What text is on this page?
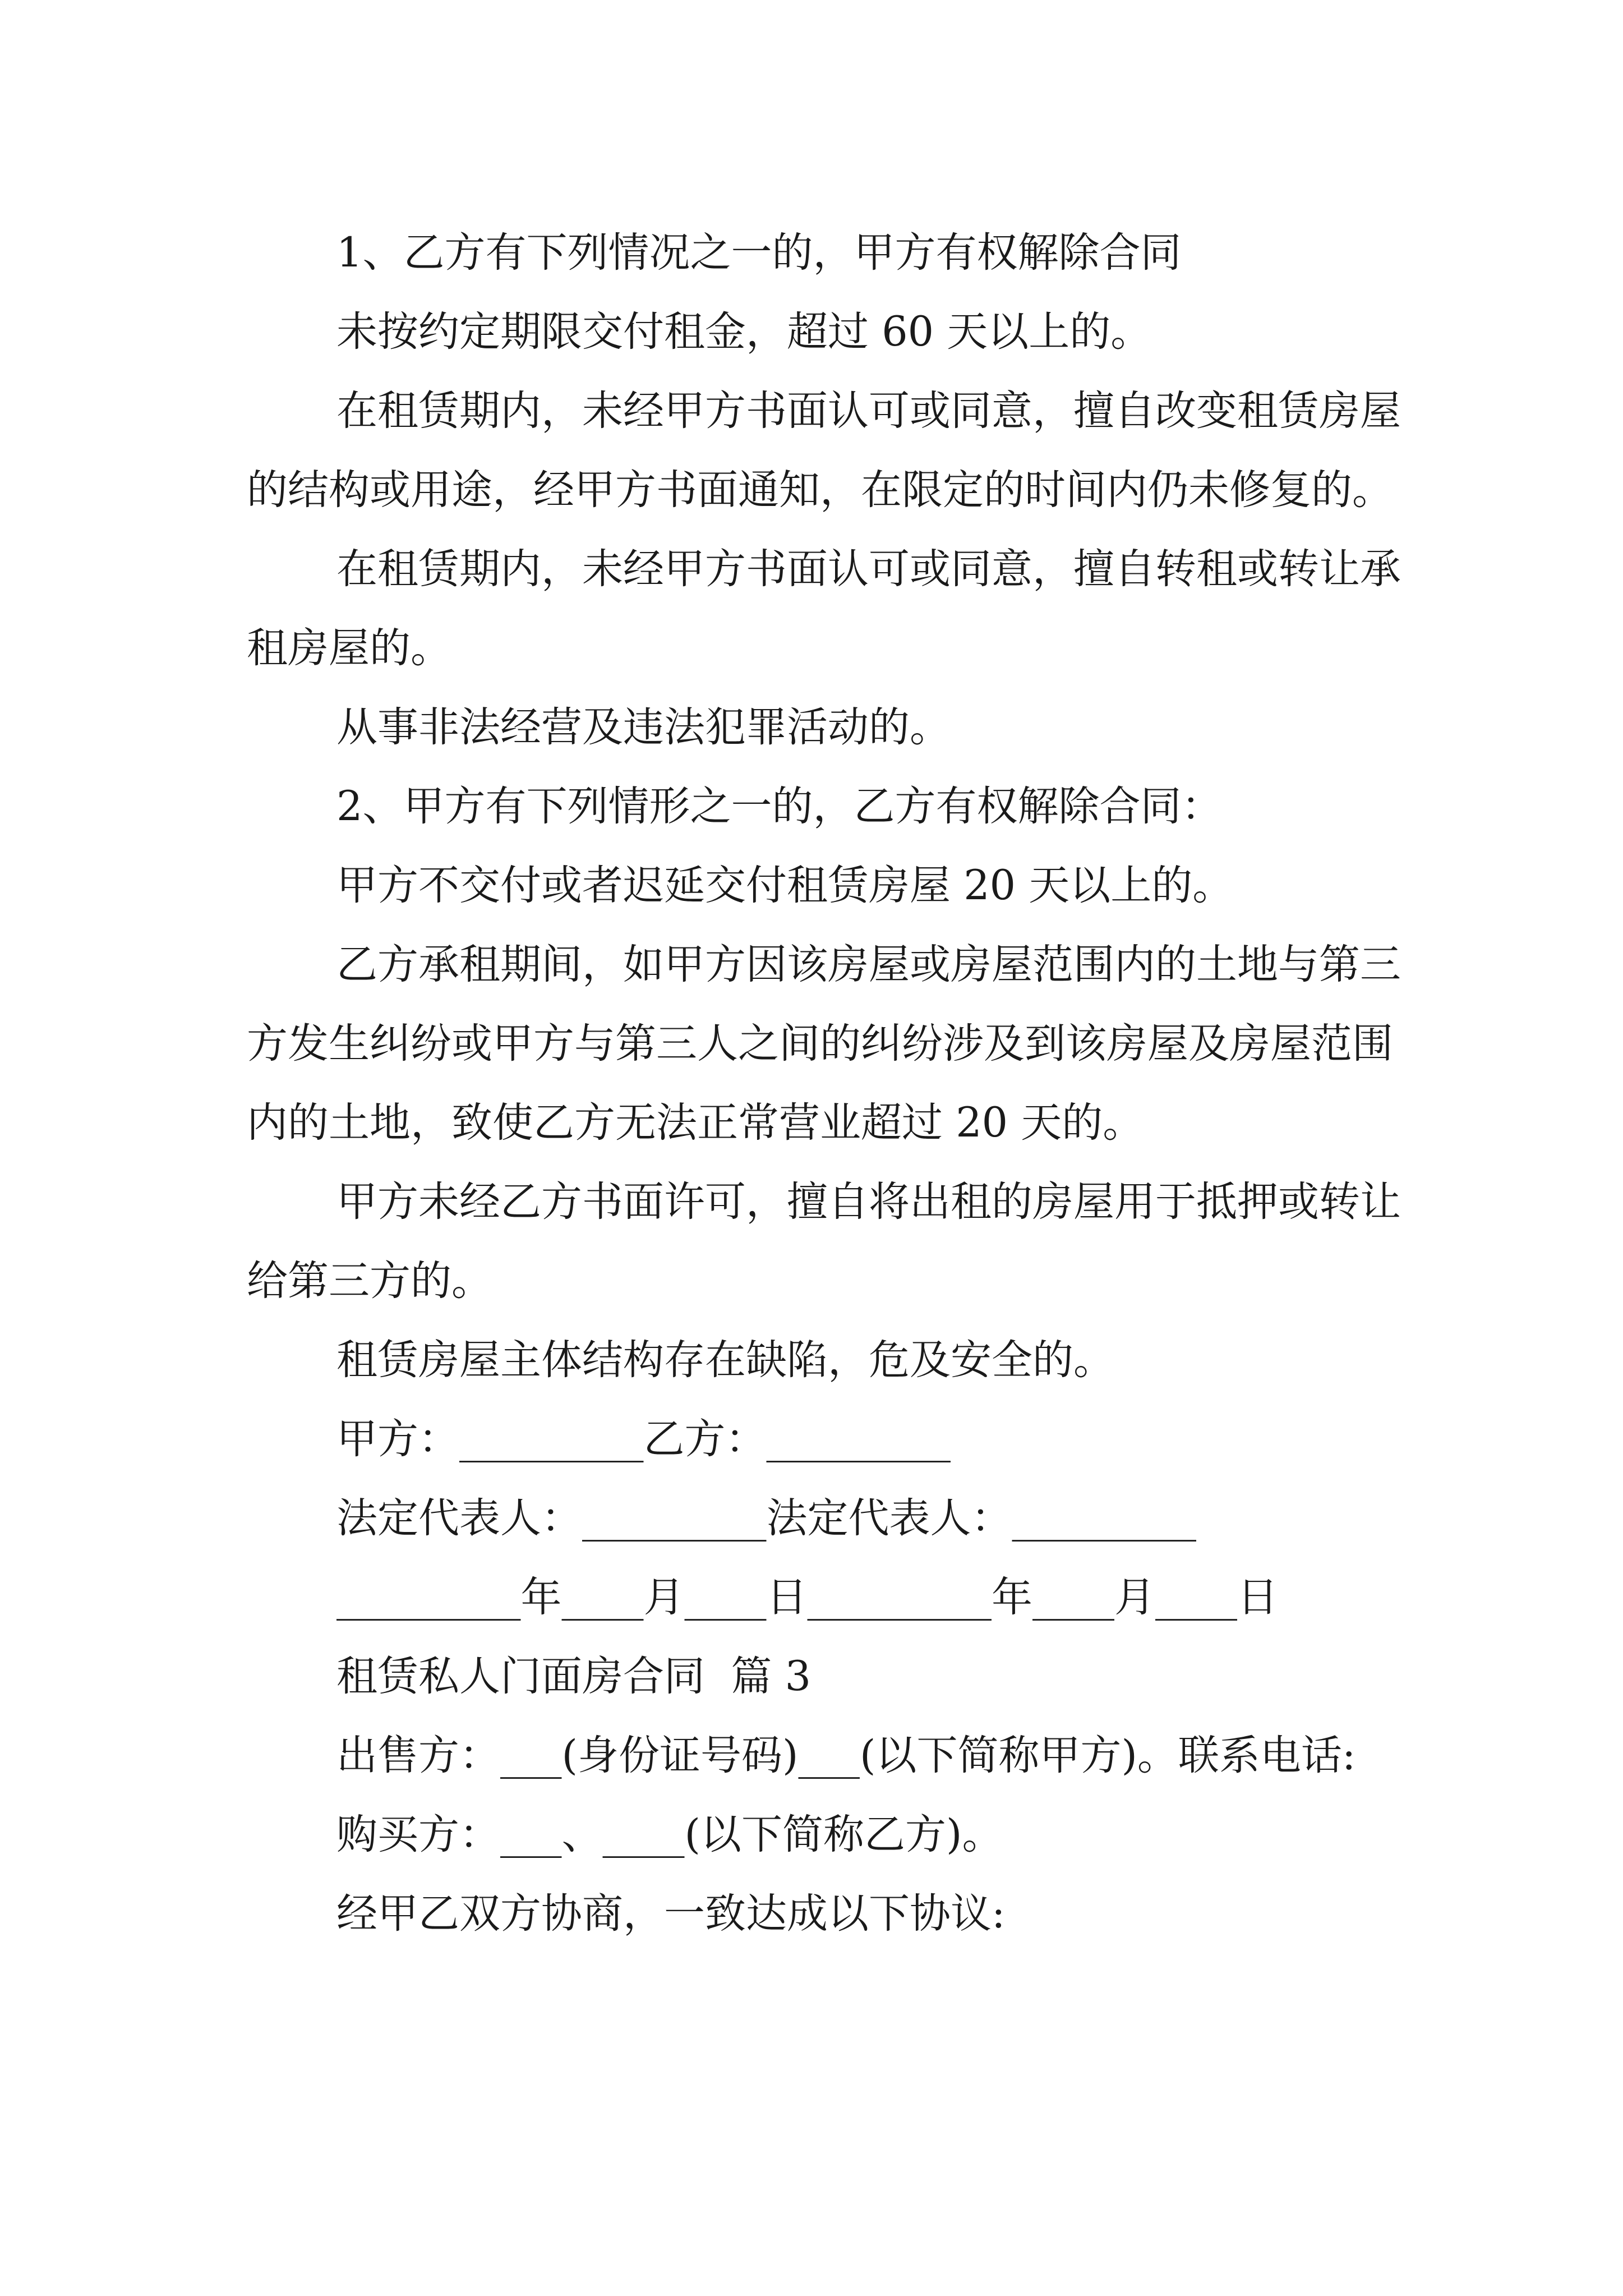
1、乙方有下列情况之一的，甲方有权解除合同

未按约定期限交付租金，超过 60 天以上的。

在租赁期内，未经甲方书面认可或同意，擅自改变租赁房屋的结构或用途，经甲方书面通知，在限定的时间内仍未修复的。

在租赁期内，未经甲方书面认可或同意，擅自转租或转让承租房屋的。

从事非法经营及违法犯罪活动的。

2、甲方有下列情形之一的，乙方有权解除合同：

甲方不交付或者迟延交付租赁房屋 20 天以上的。

乙方承租期间，如甲方因该房屋或房屋范围内的土地与第三方发生纠纷或甲方与第三人之间的纠纷涉及到该房屋及房屋范围内的土地，致使乙方无法正常营业超过 20 天的。

甲方未经乙方书面许可，擅自将出租的房屋用于抵押或转让给第三方的。

租赁房屋主体结构存在缺陷，危及安全的。

甲方：_________乙方：_________

法定代表人：_________法定代表人：_________

_________年____月____日_________年____月____日

租赁私人门面房合同  篇 3

出售方：___(身份证号码)___(以下简称甲方)。联系电话:

购买方：___、____(以下简称乙方)。

经甲乙双方协商，一致达成以下协议:
